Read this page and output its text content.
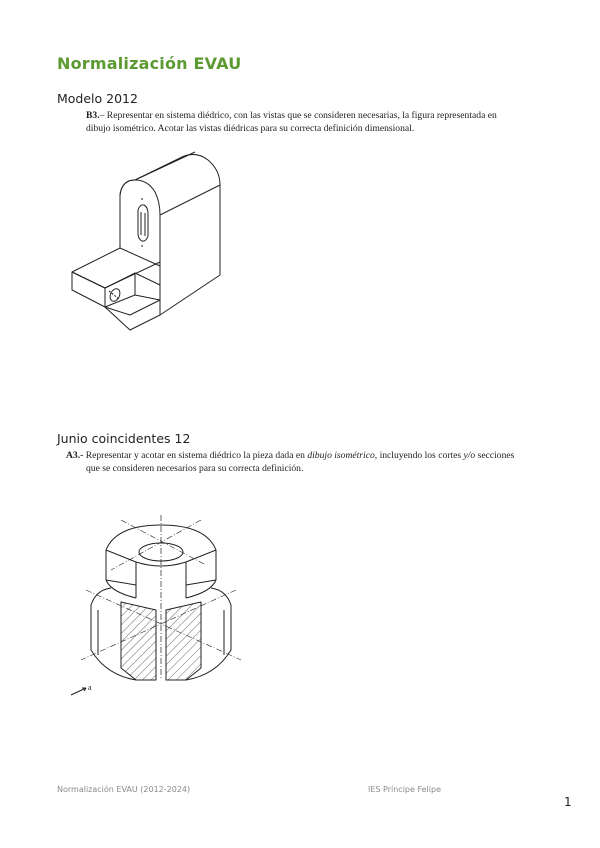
Normalización EVAU
Modelo 2012
B3.– Representar en sistema diédrico, con las vistas que se consideren necesarias, la figura representada en
dibujo isométrico. Acotar las vistas diédricas para su correcta definición dimensional.
Junio coincidentes 12
A3.- Representar y acotar en sistema diédrico la pieza dada en dibujo isométrico, incluyendo los cortes y/o secciones
que se consideren necesarios para su correcta definición.
a
Normalización EVAU (2012-2024)	IES Príncipe Felipe
1
